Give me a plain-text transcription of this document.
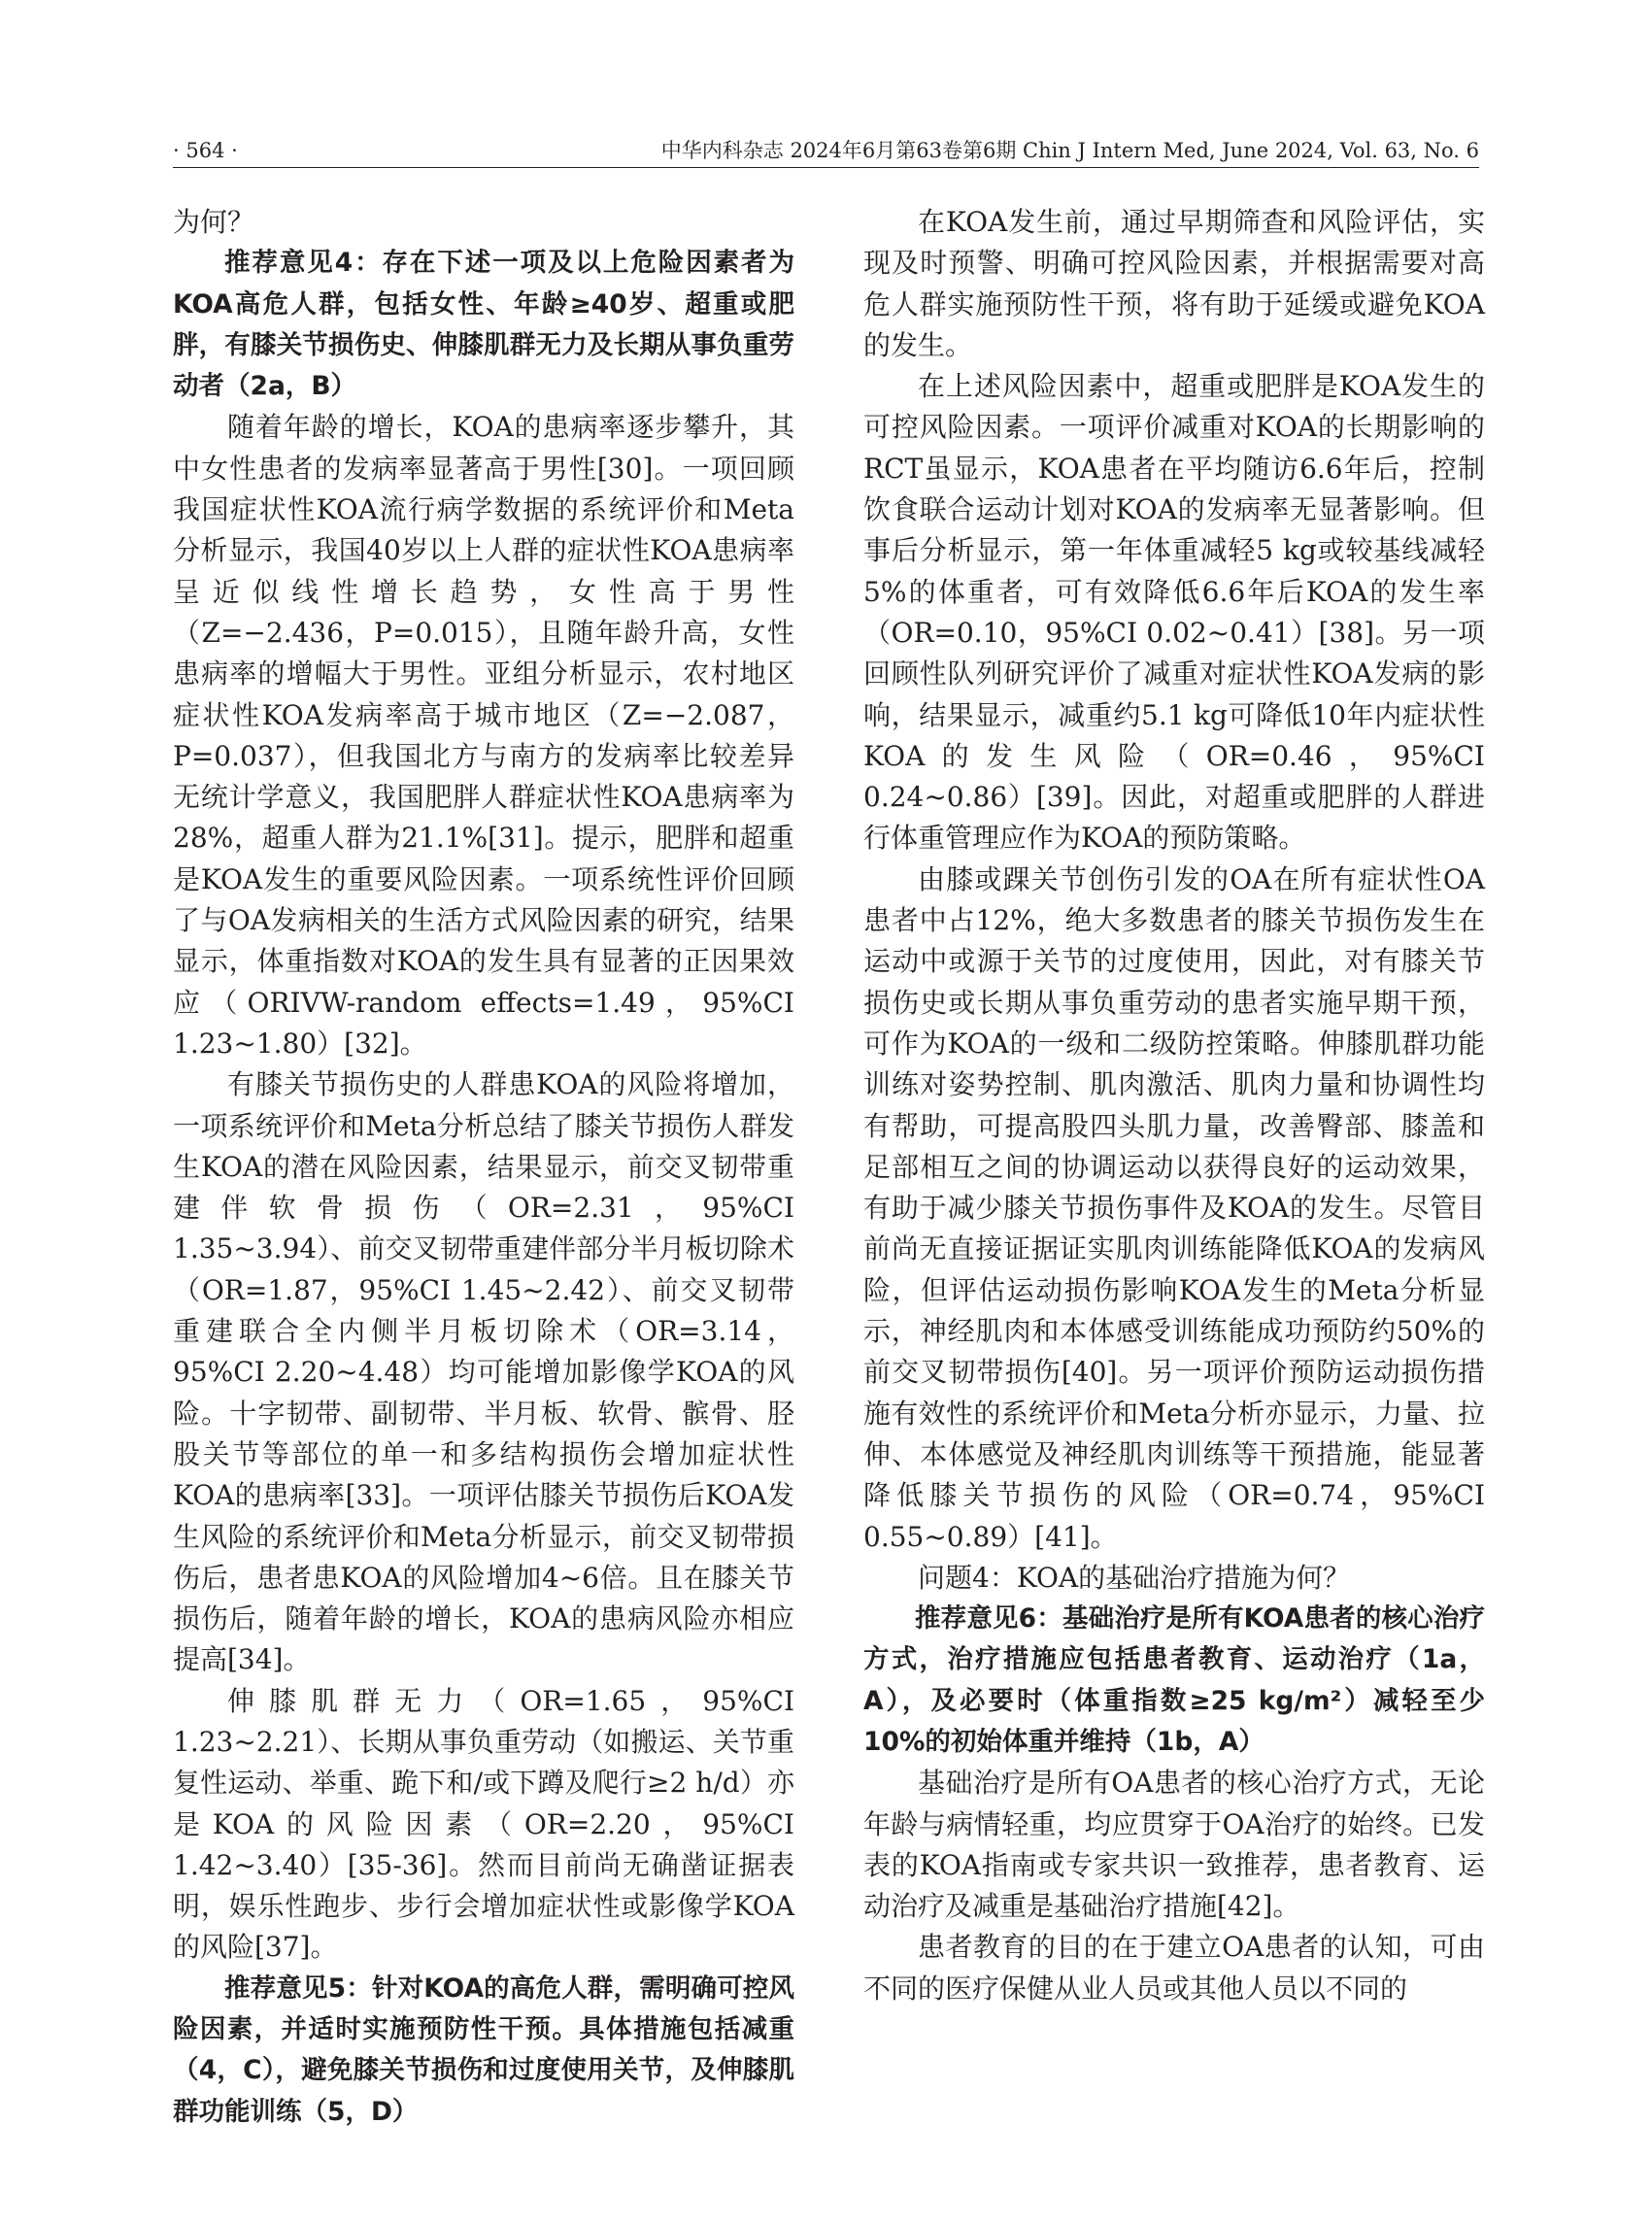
· 564 ·	中华内科杂志 2024年6月第63卷第6期 Chin J Intern Med, June 2024, Vol. 63, No. 6

为何？

推荐意见4：存在下述一项及以上危险因素者为KOA高危人群，包括女性、年龄≥40岁、超重或肥胖，有膝关节损伤史、伸膝肌群无力及长期从事负重劳动者（2a，B）

随着年龄的增长，KOA的患病率逐步攀升，其中女性患者的发病率显著高于男性[30]。一项回顾我国症状性KOA流行病学数据的系统评价和Meta分析显示，我国40岁以上人群的症状性KOA患病率呈近似线性增长趋势，女性高于男性（Z=−2.436，P=0.015），且随年龄升高，女性患病率的增幅大于男性。亚组分析显示，农村地区症状性KOA发病率高于城市地区（Z=−2.087，P=0.037），但我国北方与南方的发病率比较差异无统计学意义，我国肥胖人群症状性KOA患病率为28%，超重人群为21.1%[31]。提示，肥胖和超重是KOA发生的重要风险因素。一项系统性评价回顾了与OA发病相关的生活方式风险因素的研究，结果显示，体重指数对KOA的发生具有显著的正因果效应（ORIVW-random effects=1.49，95%CI 1.23~1.80）[32]。

有膝关节损伤史的人群患KOA的风险将增加，一项系统评价和Meta分析总结了膝关节损伤人群发生KOA的潜在风险因素，结果显示，前交叉韧带重建伴软骨损伤（OR=2.31，95%CI 1.35~3.94）、前交叉韧带重建伴部分半月板切除术（OR=1.87，95%CI 1.45~2.42）、前交叉韧带重建联合全内侧半月板切除术（OR=3.14，95%CI 2.20~4.48）均可能增加影像学KOA的风险。十字韧带、副韧带、半月板、软骨、髌骨、胫股关节等部位的单一和多结构损伤会增加症状性KOA的患病率[33]。一项评估膝关节损伤后KOA发生风险的系统评价和Meta分析显示，前交叉韧带损伤后，患者患KOA的风险增加4~6倍。且在膝关节损伤后，随着年龄的增长，KOA的患病风险亦相应提高[34]。

伸膝肌群无力（OR=1.65，95%CI 1.23~2.21）、长期从事负重劳动（如搬运、关节重复性运动、举重、跪下和/或下蹲及爬行≥2 h/d）亦是KOA的风险因素（OR=2.20，95%CI 1.42~3.40）[35-36]。然而目前尚无确凿证据表明，娱乐性跑步、步行会增加症状性或影像学KOA的风险[37]。

推荐意见5：针对KOA的高危人群，需明确可控风险因素，并适时实施预防性干预。具体措施包括减重（4，C），避免膝关节损伤和过度使用关节，及伸膝肌群功能训练（5，D）

在KOA发生前，通过早期筛查和风险评估，实现及时预警、明确可控风险因素，并根据需要对高危人群实施预防性干预，将有助于延缓或避免KOA的发生。

在上述风险因素中，超重或肥胖是KOA发生的可控风险因素。一项评价减重对KOA的长期影响的RCT虽显示，KOA患者在平均随访6.6年后，控制饮食联合运动计划对KOA的发病率无显著影响。但事后分析显示，第一年体重减轻5 kg或较基线减轻5%的体重者，可有效降低6.6年后KOA的发生率（OR=0.10，95%CI 0.02~0.41）[38]。另一项回顾性队列研究评价了减重对症状性KOA发病的影响，结果显示，减重约5.1 kg可降低10年内症状性KOA的发生风险（OR=0.46，95%CI 0.24~0.86）[39]。因此，对超重或肥胖的人群进行体重管理应作为KOA的预防策略。

由膝或踝关节创伤引发的OA在所有症状性OA患者中占12%，绝大多数患者的膝关节损伤发生在运动中或源于关节的过度使用，因此，对有膝关节损伤史或长期从事负重劳动的患者实施早期干预，可作为KOA的一级和二级防控策略。伸膝肌群功能训练对姿势控制、肌肉激活、肌肉力量和协调性均有帮助，可提高股四头肌力量，改善臀部、膝盖和足部相互之间的协调运动以获得良好的运动效果，有助于减少膝关节损伤事件及KOA的发生。尽管目前尚无直接证据证实肌肉训练能降低KOA的发病风险，但评估运动损伤影响KOA发生的Meta分析显示，神经肌肉和本体感受训练能成功预防约50%的前交叉韧带损伤[40]。另一项评价预防运动损伤措施有效性的系统评价和Meta分析亦显示，力量、拉伸、本体感觉及神经肌肉训练等干预措施，能显著降低膝关节损伤的风险（OR=0.74，95%CI 0.55~0.89）[41]。

问题4：KOA的基础治疗措施为何？

推荐意见6：基础治疗是所有KOA患者的核心治疗方式，治疗措施应包括患者教育、运动治疗（1a，A），及必要时（体重指数≥25 kg/m²）减轻至少10%的初始体重并维持（1b，A）

基础治疗是所有OA患者的核心治疗方式，无论年龄与病情轻重，均应贯穿于OA治疗的始终。已发表的KOA指南或专家共识一致推荐，患者教育、运动治疗及减重是基础治疗措施[42]。

患者教育的目的在于建立OA患者的认知，可由不同的医疗保健从业人员或其他人员以不同的
